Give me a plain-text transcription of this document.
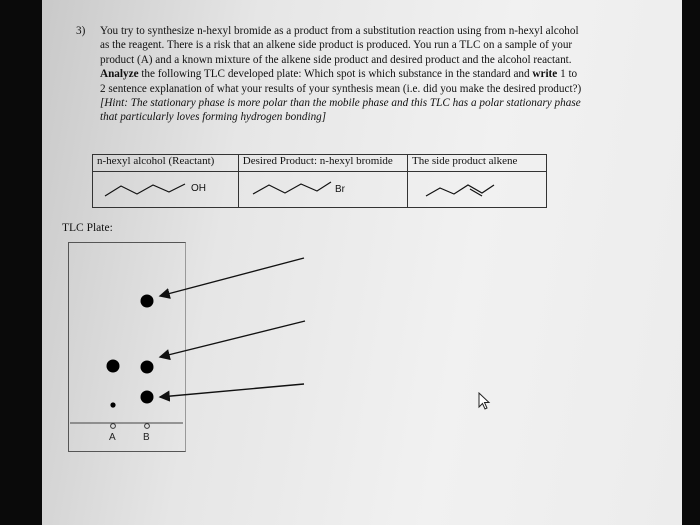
3) You try to synthesize n-hexyl bromide as a product from a substitution reaction using from n-hexyl alcohol
as the reagent. There is a risk that an alkene side product is produced. You run a TLC on a sample of your
product (A) and a known mixture of the alkene side product and desired product and the alcohol reactant.
Analyze the following TLC developed plate: Which spot is which substance in the standard and write 1 to
2 sentence explanation of what your results of your synthesis mean (i.e. did you make the desired product?)
[Hint: The stationary phase is more polar than the mobile phase and this TLC has a polar stationary phase
that particularly loves forming hydrogen bonding]
n-hexyl alcohol (Reactant)	Desired Product: n-hexyl bromide	The side product alkene

OH	Br

TLC Plate:
A	B
